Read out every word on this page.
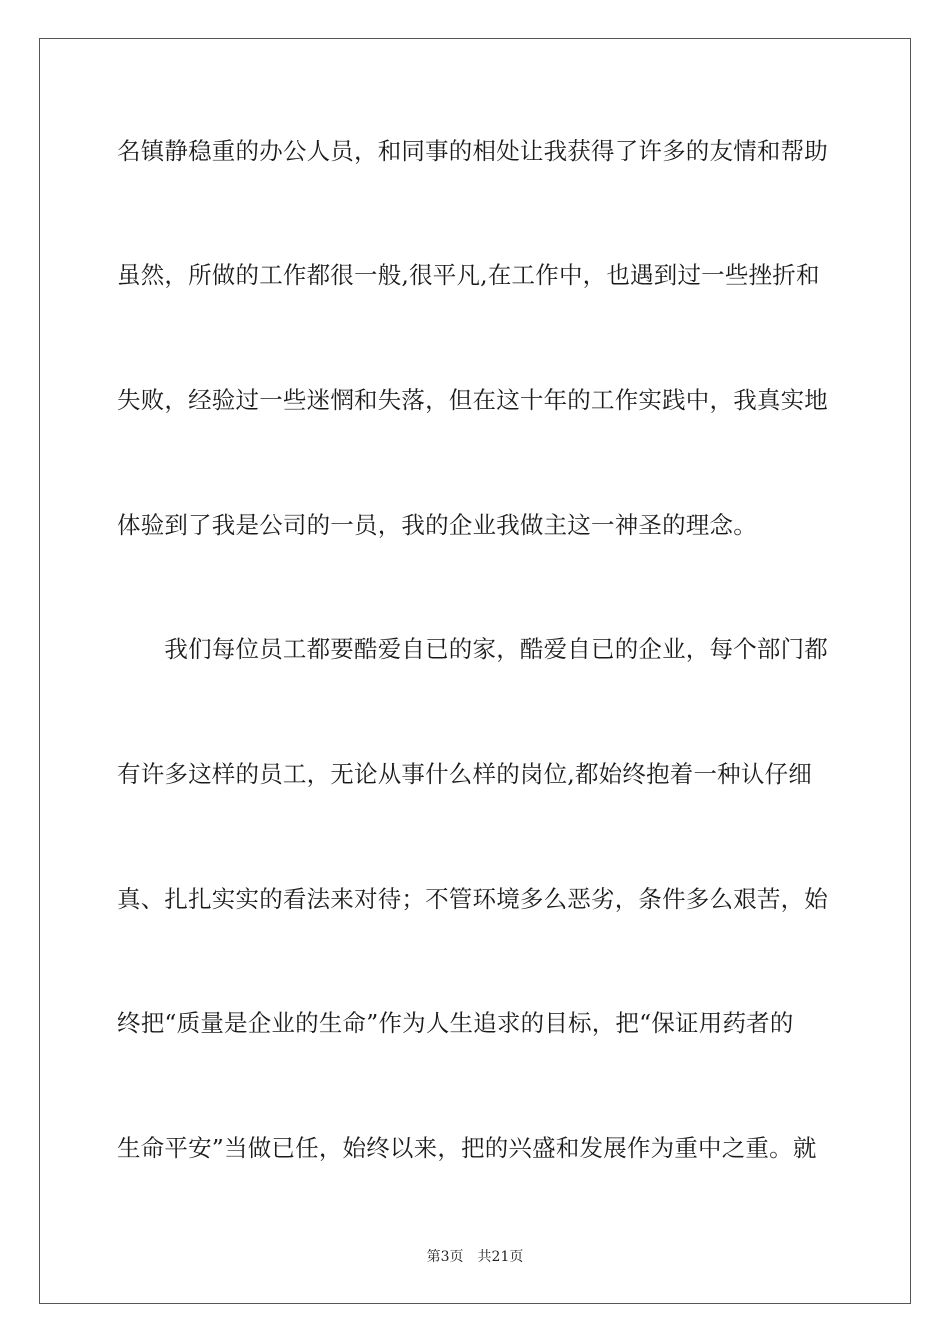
名镇静稳重的办公人员，和同事的相处让我获得了许多的友情和帮助
虽然，所做的工作都很一般,很平凡,在工作中，也遇到过一些挫折和
失败，经验过一些迷惘和失落，但在这十年的工作实践中，我真实地
体验到了我是公司的一员，我的企业我做主这一神圣的理念。
　　我们每位员工都要酷爱自已的家，酷爱自已的企业，每个部门都
有许多这样的员工，无论从事什么样的岗位,都始终抱着一种认仔细
真、扎扎实实的看法来对待；不管环境多么恶劣，条件多么艰苦，始
终把“质量是企业的生命”作为人生追求的目标，把“保证用药者的
生命平安”当做已任，始终以来，把的兴盛和发展作为重中之重。就
第3页 共21页
